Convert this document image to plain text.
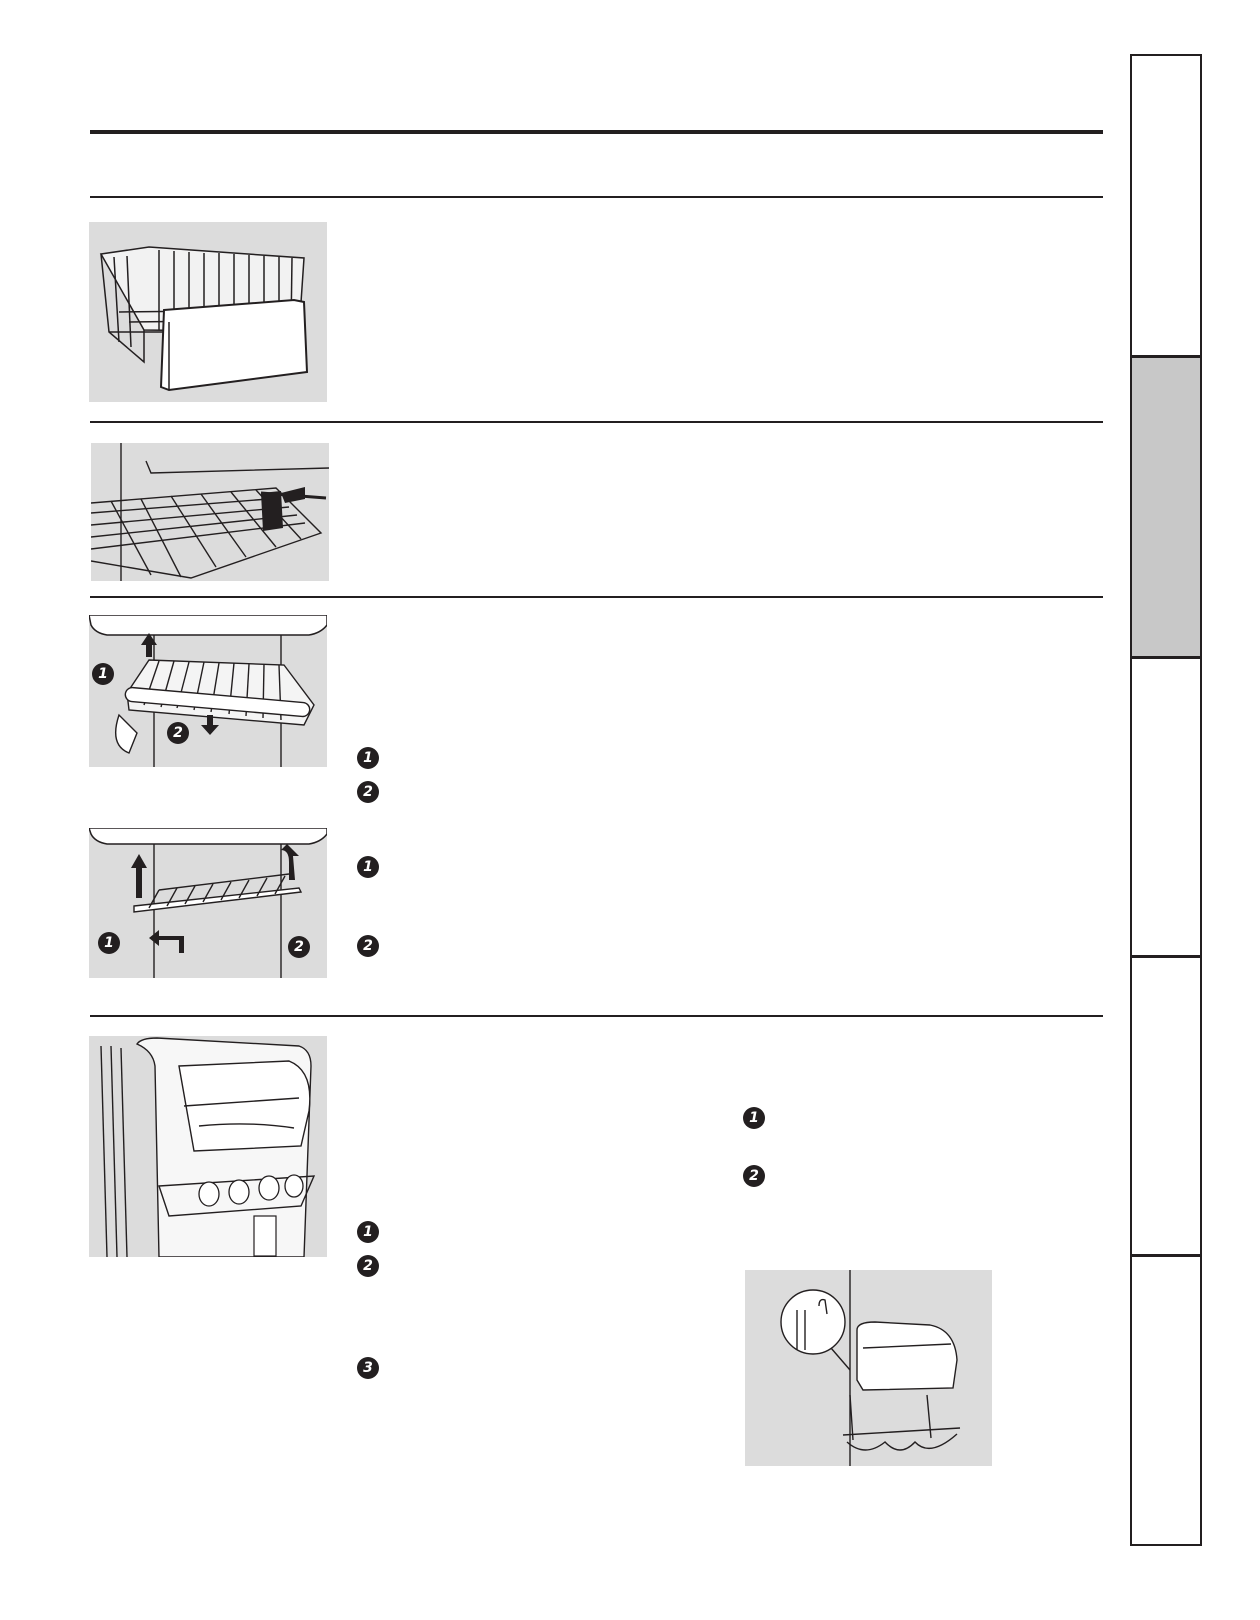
1
2
1
2
1	2
1
2
1
2
3
1
2
